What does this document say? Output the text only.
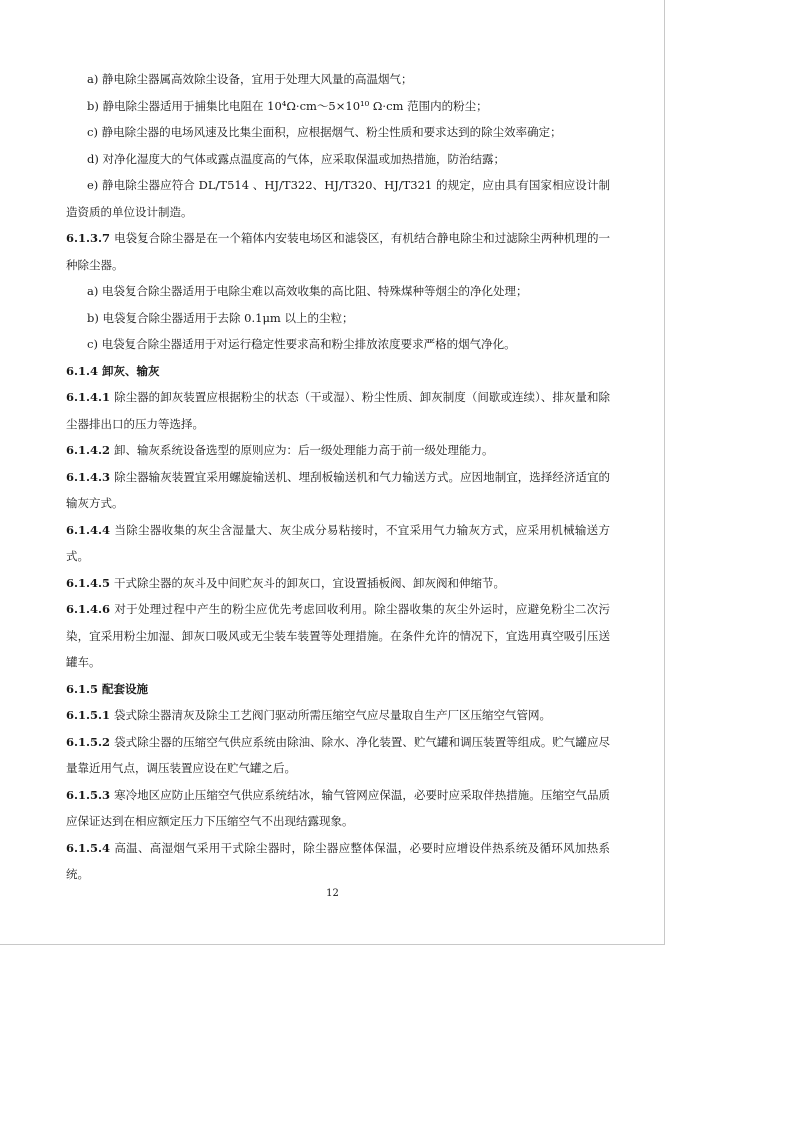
a) 静电除尘器属高效除尘设备，宜用于处理大风量的高温烟气；

b) 静电除尘器适用于捕集比电阻在 10⁴Ω·cm～5×10¹⁰ Ω·cm 范围内的粉尘；

c) 静电除尘器的电场风速及比集尘面积，应根据烟气、粉尘性质和要求达到的除尘效率确定；

d) 对净化湿度大的气体或露点温度高的气体，应采取保温或加热措施，防治结露；

e) 静电除尘器应符合 DL/T514 、HJ/T322、HJ/T320、HJ/T321 的规定，应由具有国家相应设计制造资质的单位设计制造。

6.1.3.7 电袋复合除尘器是在一个箱体内安装电场区和滤袋区，有机结合静电除尘和过滤除尘两种机理的一种除尘器。

a) 电袋复合除尘器适用于电除尘难以高效收集的高比阻、特殊煤种等烟尘的净化处理；

b) 电袋复合除尘器适用于去除 0.1μm 以上的尘粒；

c) 电袋复合除尘器适用于对运行稳定性要求高和粉尘排放浓度要求严格的烟气净化。

6.1.4 卸灰、输灰

6.1.4.1 除尘器的卸灰装置应根据粉尘的状态（干或湿）、粉尘性质、卸灰制度（间歇或连续）、排灰量和除尘器排出口的压力等选择。

6.1.4.2 卸、输灰系统设备选型的原则应为：后一级处理能力高于前一级处理能力。

6.1.4.3 除尘器输灰装置宜采用螺旋输送机、埋刮板输送机和气力输送方式。应因地制宜，选择经济适宜的输灰方式。

6.1.4.4 当除尘器收集的灰尘含湿量大、灰尘成分易粘接时，不宜采用气力输灰方式，应采用机械输送方式。

6.1.4.5 干式除尘器的灰斗及中间贮灰斗的卸灰口，宜设置插板阀、卸灰阀和伸缩节。

6.1.4.6 对于处理过程中产生的粉尘应优先考虑回收利用。除尘器收集的灰尘外运时，应避免粉尘二次污染，宜采用粉尘加湿、卸灰口吸风或无尘装车装置等处理措施。在条件允许的情况下，宜选用真空吸引压送罐车。

6.1.5 配套设施

6.1.5.1 袋式除尘器清灰及除尘工艺阀门驱动所需压缩空气应尽量取自生产厂区压缩空气管网。

6.1.5.2 袋式除尘器的压缩空气供应系统由除油、除水、净化装置、贮气罐和调压装置等组成。贮气罐应尽量靠近用气点，调压装置应设在贮气罐之后。

6.1.5.3 寒冷地区应防止压缩空气供应系统结冰，输气管网应保温，必要时应采取伴热措施。压缩空气品质应保证达到在相应额定压力下压缩空气不出现结露现象。

6.1.5.4 高温、高湿烟气采用干式除尘器时，除尘器应整体保温，必要时应增设伴热系统及循环风加热系统。

12
